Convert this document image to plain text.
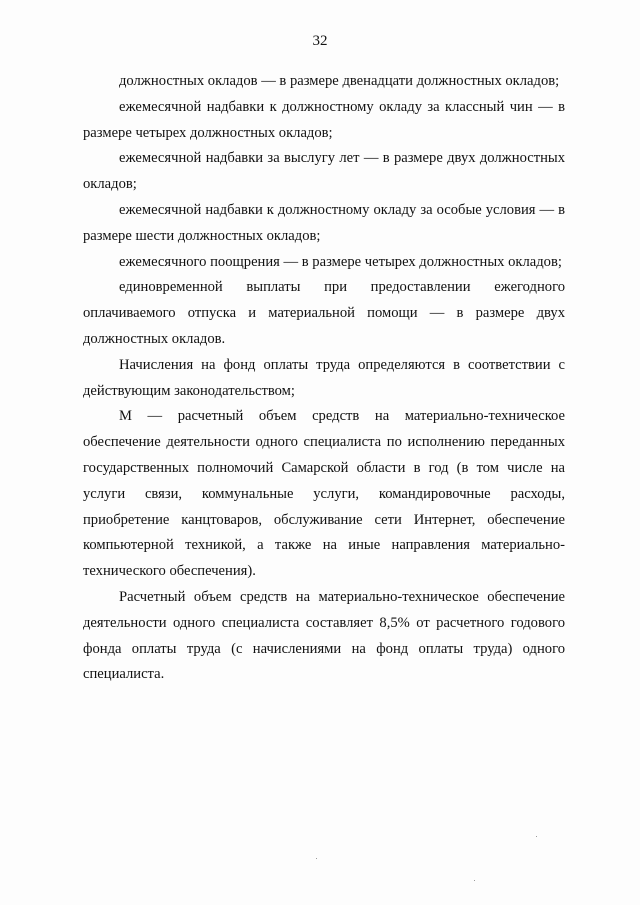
32

должностных окладов — в размере двенадцати должностных окладов;

ежемесячной надбавки к должностному окладу за классный чин — в размере четырех должностных окладов;

ежемесячной надбавки за выслугу лет — в размере двух должностных окладов;

ежемесячной надбавки к должностному окладу за особые условия — в размере шести должностных окладов;

ежемесячного поощрения — в размере четырех должностных окладов;

единовременной выплаты при предоставлении ежегодного оплачиваемого отпуска и материальной помощи — в размере двух должностных окладов.

Начисления на фонд оплаты труда определяются в соответствии с действующим законодательством;

М — расчетный объем средств на материально-техническое обеспечение деятельности одного специалиста по исполнению переданных государственных полномочий Самарской области в год (в том числе на услуги связи, коммунальные услуги, командировочные расходы, приобретение канцтоваров, обслуживание сети Интернет, обеспечение компьютерной техникой, а также на иные направления материально-технического обеспечения).

Расчетный объем средств на материально-техническое обеспечение деятельности одного специалиста составляет 8,5% от расчетного годового фонда оплаты труда (с начислениями на фонд оплаты труда) одного специалиста.
